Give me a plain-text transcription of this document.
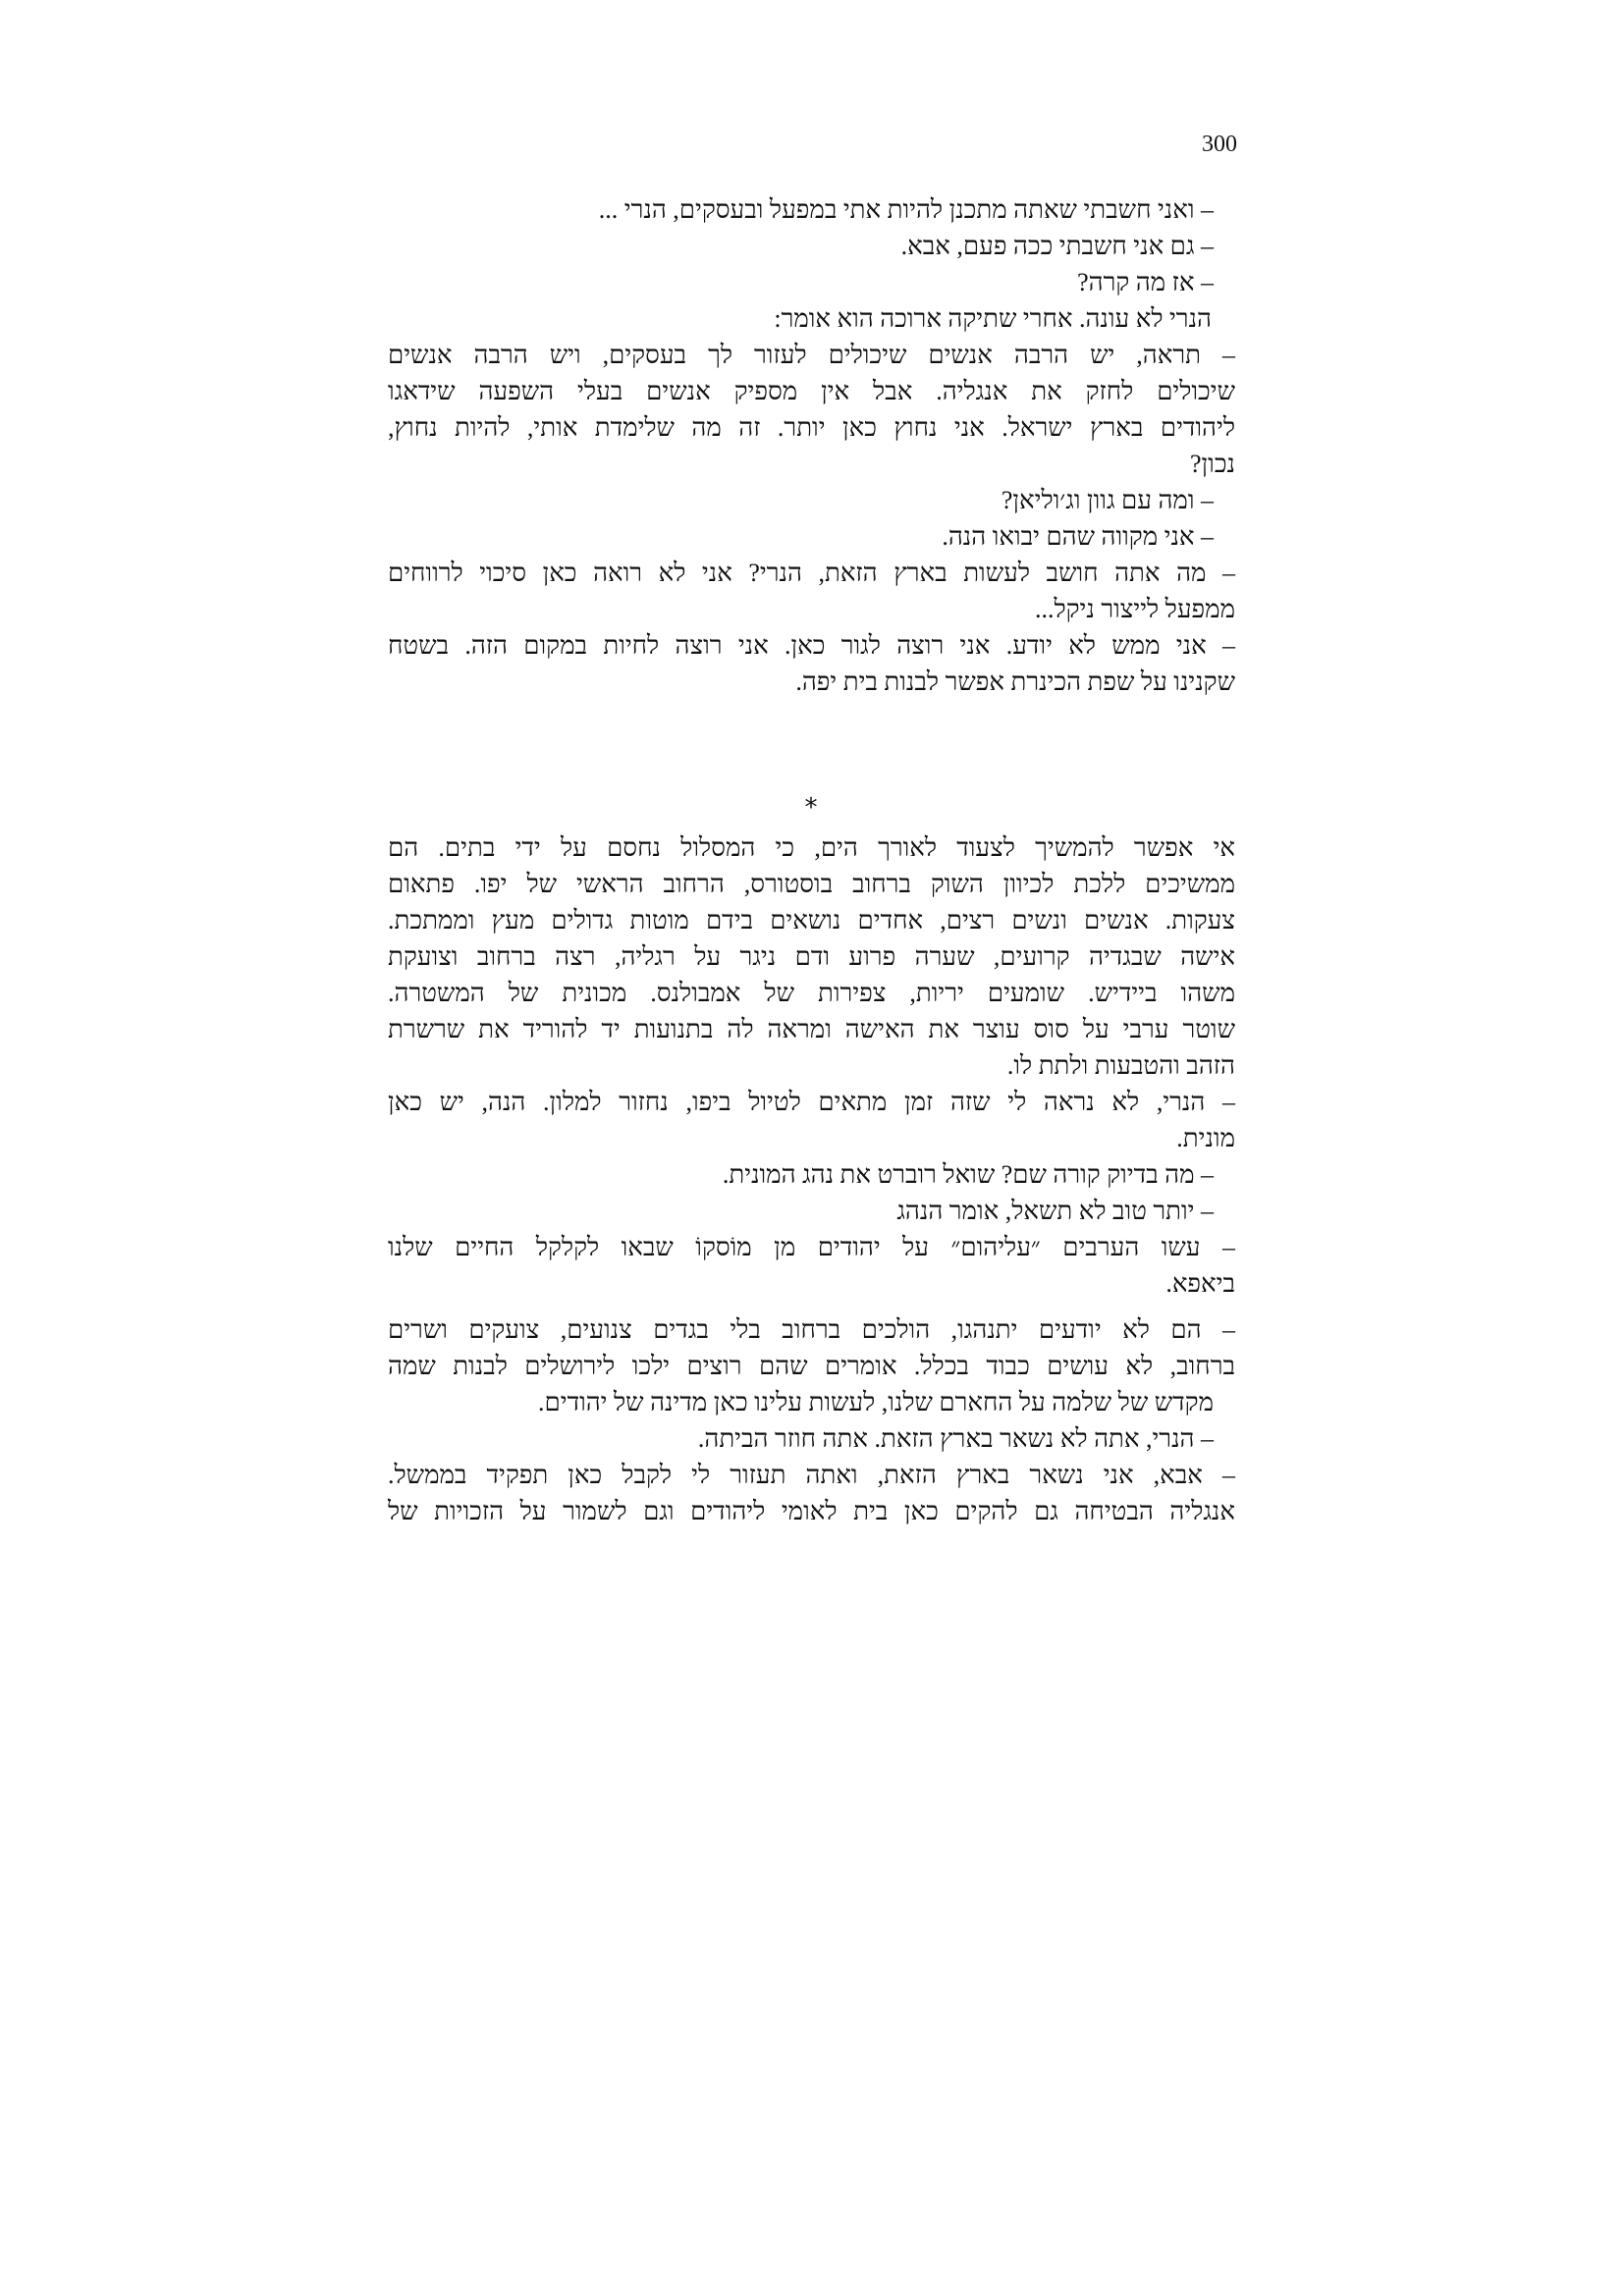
300
– ואני חשבתי שאתה מתכנן להיות אתי במפעל ובעסקים, הנרי ...
– גם אני חשבתי ככה פעם, אבא.
– אז מה קרה?
הנרי לא עונה. אחרי שתיקה ארוכה הוא אומר:
– תראה, יש הרבה אנשים שיכולים לעזור לך בעסקים, ויש הרבה אנשים
שיכולים לחזק את אנגליה. אבל אין מספיק אנשים בעלי השפעה שידאגו
ליהודים בארץ ישראל. אני נחוץ כאן יותר. זה מה שלימדת אותי, להיות נחוץ,
נכון?
– ומה עם גוון וג׳וליאן?
– אני מקווה שהם יבואו הנה.
– מה אתה חושב לעשות בארץ הזאת, הנרי? אני לא רואה כאן סיכוי לרווחים
ממפעל לייצור ניקל...
– אני ממש לא יודע. אני רוצה לגור כאן. אני רוצה לחיות במקום הזה. בשטח
שקנינו על שפת הכינרת אפשר לבנות בית יפה.
אי אפשר להמשיך לצעוד לאורך הים, כי המסלול נחסם על ידי בתים. הם
ממשיכים ללכת לכיוון השוק ברחוב בוסטורס, הרחוב הראשי של יפו. פתאום
צעקות. אנשים ונשים רצים, אחדים נושאים בידם מוטות גדולים מעץ וממתכת.
אישה שבגדיה קרועים, שערה פרוע ודם ניגר על רגליה, רצה ברחוב וצועקת
משהו ביידיש. שומעים יריות, צפירות של אמבולנס. מכונית של המשטרה.
שוטר ערבי על סוס עוצר את האישה ומראה לה בתנועות יד להוריד את שרשרת
הזהב והטבעות ולתת לו.
– הנרי, לא נראה לי שזה זמן מתאים לטיול ביפו, נחזור למלון. הנה, יש כאן
מונית.
– מה בדיוק קורה שם? שואל רוברט את נהג המונית.
– יותר טוב לא תשאל, אומר הנהג
– עשו הערבים ״עליהום״ על יהודים מן מוֹסקוֹ שבאו לקלקל החיים שלנו
ביאפא.
– הם לא יודעים יתנהגו, הולכים ברחוב בלי בגדים צנועים, צועקים ושרים
ברחוב, לא עושים כבוד בכלל. אומרים שהם רוצים ילכו לירושלים לבנות שמה
מקדש של שלמה על החארם שלנו, לעשות עלינו כאן מדינה של יהודים.
– הנרי, אתה לא נשאר בארץ הזאת. אתה חוזר הביתה.
– אבא, אני נשאר בארץ הזאת, ואתה תעזור לי לקבל כאן תפקיד בממשל.
אנגליה הבטיחה גם להקים כאן בית לאומי ליהודים וגם לשמור על הזכויות של
*
